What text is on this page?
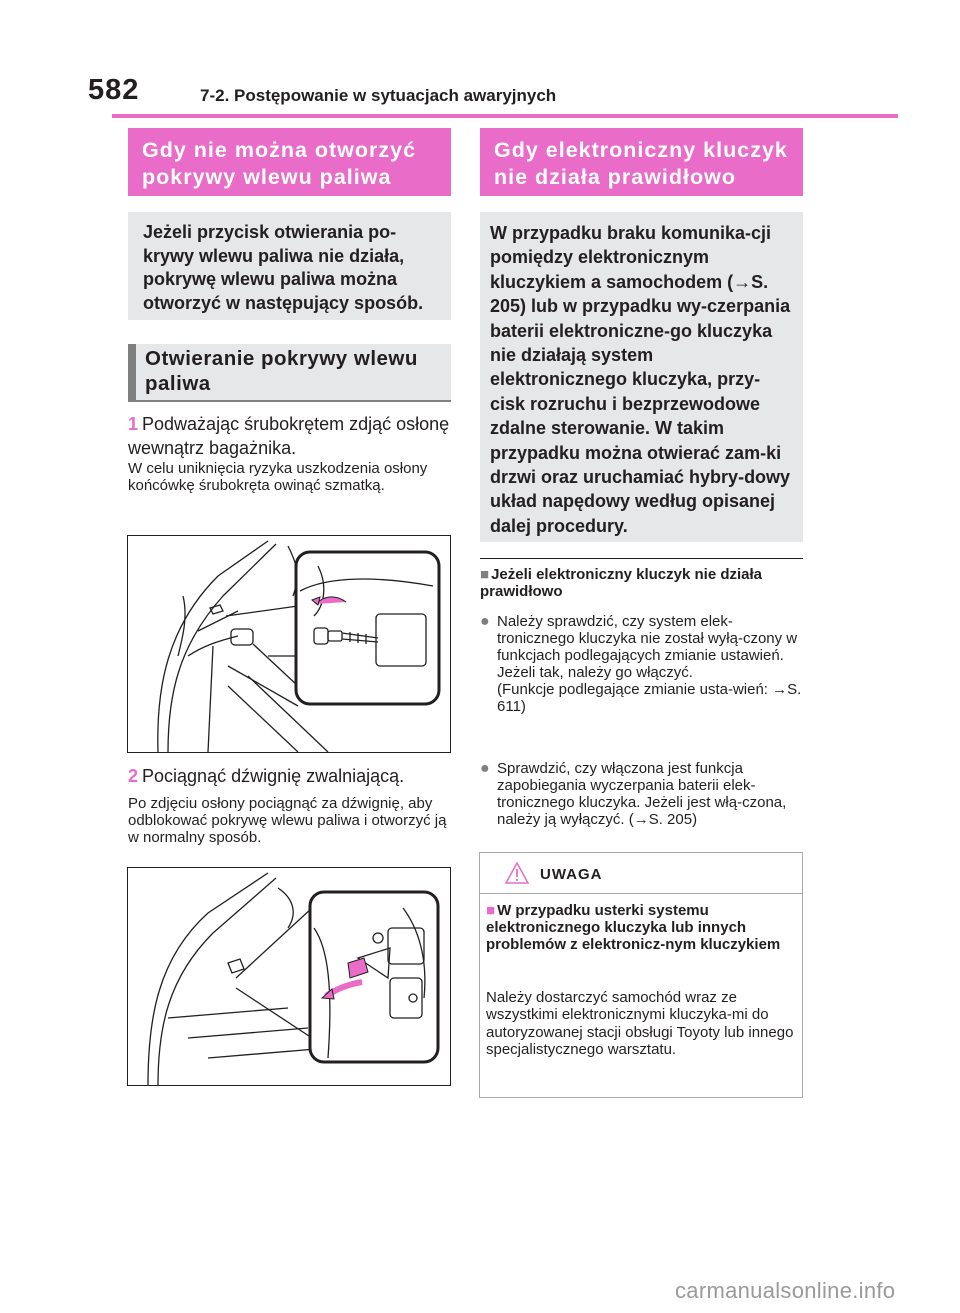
582	7-2. Postępowanie w sytuacjach awaryjnych
Gdy nie można otworzyć pokrywy wlewu paliwa
Jeżeli przycisk otwierania po-krywy wlewu paliwa nie działa, pokrywę wlewu paliwa można otworzyć w następujący sposób.
Otwieranie pokrywy wlewu paliwa
1 Podważając śrubokrętem zdjąć osłonę wewnątrz bagażnika.
W celu uniknięcia ryzyka uszkodzenia osłony końcówkę śrubokręta owinąć szmatką.
2 Pociągnąć dźwignię zwalniającą.
Po zdjęciu osłony pociągnąć za dźwignię, aby odblokować pokrywę wlewu paliwa i otworzyć ją w normalny sposób.
Gdy elektroniczny kluczyk nie działa prawidłowo
W przypadku braku komunika-cji pomiędzy elektronicznym kluczykiem a samochodem (→S. 205) lub w przypadku wy-czerpania baterii elektroniczne-go kluczyka nie działają system elektronicznego kluczyka, przy-cisk rozruchu i bezprzewodowe zdalne sterowanie. W takim przypadku można otwierać zam-ki drzwi oraz uruchamiać hybry-dowy układ napędowy według opisanej dalej procedury.
■ Jeżeli elektroniczny kluczyk nie działa prawidłowo
● Należy sprawdzić, czy system elek-tronicznego kluczyka nie został wyłą-czony w funkcjach podlegających zmianie ustawień. Jeżeli tak, należy go włączyć.
(Funkcje podlegające zmianie usta-wień: →S. 611)
● Sprawdzić, czy włączona jest funkcja zapobiegania wyczerpania baterii elek-tronicznego kluczyka. Jeżeli jest włą-czona, należy ją wyłączyć. (→S. 205)
UWAGA
■ W przypadku usterki systemu elektronicznego kluczyka lub innych problemów z elektronicz-nym kluczykiem
Należy dostarczyć samochód wraz ze wszystkimi elektronicznymi kluczyka-mi do autoryzowanej stacji obsługi Toyoty lub innego specjalistycznego warsztatu.
carmanualsonline.info
